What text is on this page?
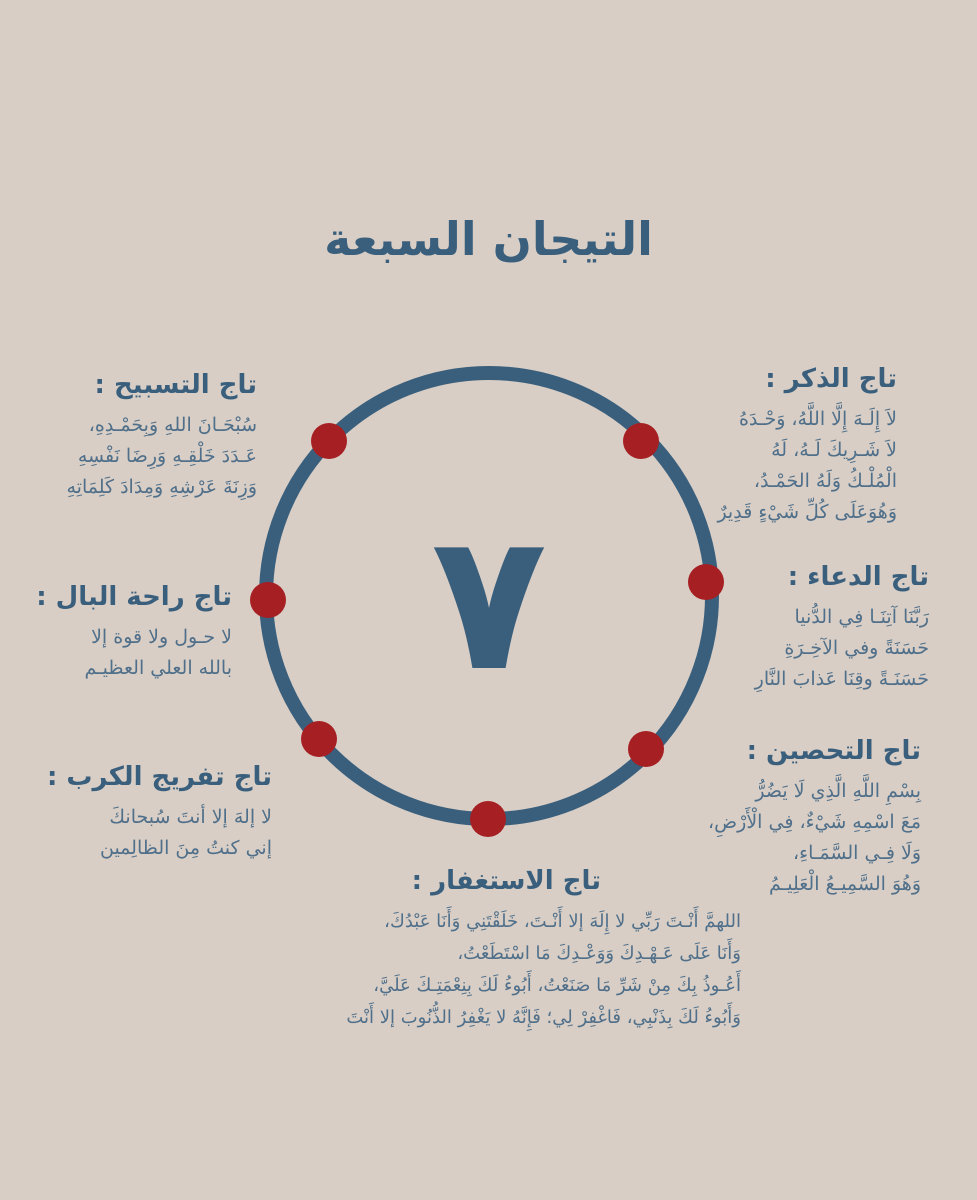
التيجان السبعة
٧
تاج الذكر :
لاَ إِلَـهَ إِلَّا اللَّهُ، وَحْـدَهُ
لاَ شَـرِيكَ لَـهُ، لَهُ
الْمُلْـكُ وَلَهُ الحَمْـدُ،
وَهُوَعَلَى كُلِّ شَيْءٍ قَدِيرٌ
تاج التسبيح :
سُبْحَـانَ اللهِ وَبِحَمْـدِهِ،
عَـدَدَ خَلْقِـهِ وَرِضَا نَفْسِهِ
وَزِنَةَ عَرْشِهِ وَمِدَادَ كَلِمَاتِهِ
تاج الدعاء :
رَبَّنَا آتِنَـا فِي الدُّنيا
حَسَنَةً وفي الآخِـرَةِ
حَسَنَـةً وقِنَا عَذابَ النَّارِ
تاج راحة البال :
لا حـول ولا قوة إلا
بالله العلي العظيـم
تاج التحصين :
بِسْمِ اللَّهِ الَّذِي لَا يَضُرُّ
مَعَ اسْمِهِ شَيْءٌ، فِي الْأَرْضِ،
وَلَا فِـي السَّمَـاءِ،
وَهُوَ السَّمِيـعُ الْعَلِيـمُ
تاج تفريج الكرب :
لا إلهَ إلا أنتَ سُبحانكَ
إني كنتُ مِنَ الظالِمين
تاج الاستغفار :
اللهمَّ أَنْـتَ رَبِّي لا إِلَهَ إلا أَنْـتَ، خَلَقْتَنِي وَأَنَا عَبْدُكَ،
وَأَنَا عَلَى عَـهْـدِكَ وَوَعْـدِكَ مَا اسْتَطَعْتُ،
أَعُـوذُ بِكَ مِنْ شَرِّ مَا صَنَعْتُ، أَبُوءُ لَكَ بِنِعْمَتِـكَ عَلَيَّ،
وَأَبُوءُ لَكَ بِذَنْبِي، فَاغْفِرْ لِي؛ فَإِنَّهُ لا يَغْفِرُ الذُّنُوبَ إلا أَنْتَ
